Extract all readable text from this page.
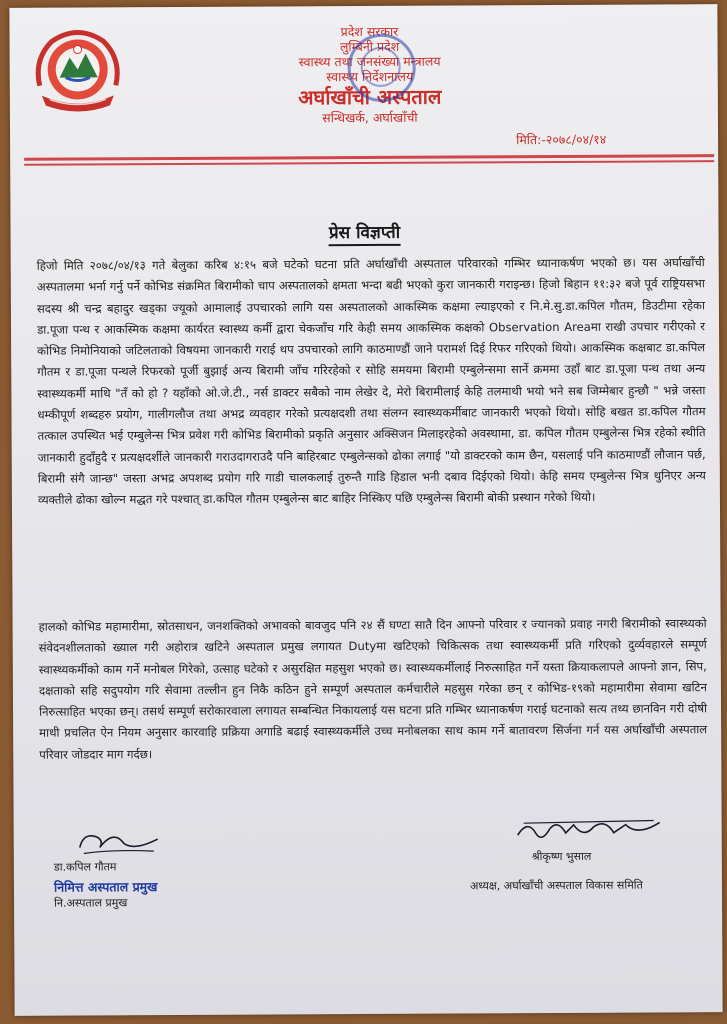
प्रदेश सरकार
लुम्बिनी प्रदेश
स्वास्थ्य तथा जनसंख्या मन्त्रालय
स्वास्थ्य निर्देशनालय
अर्घाखाँची अस्पताल
सन्धिखर्क, अर्घाखाँची
मिति:-२०७८/०४/१४
प्रेस विज्ञप्ती
हिजो मिति २०७८/०४/१३ गते बेलुका करिब ४:१५ बजे घटेको घटना प्रति अर्घाखाँची अस्पताल परिवारको गम्भिर ध्यानाकर्षण भएको छ। यस अर्घाखाँची अस्पतालमा भर्ना गर्नु पर्ने कोभिड संक्रमित बिरामीको चाप अस्पतालको क्षमता भन्दा बढी भएको कुरा जानकारी गराइन्छ। हिजो बिहान ११:३२ बजे पूर्व राष्ट्रियसभा सदस्य श्री चन्द्र बहादुर खड्का ज्यूको आमालाई उपचारको लागि यस अस्पतालको आकस्मिक कक्षमा ल्याइएको र नि.मे.सु.डा.कपिल गौतम, डिउटीमा रहेका डा.पूजा पन्थ र आकस्मिक कक्षमा कार्यरत स्वास्थ्य कर्मी द्वारा चेकजाँच गरि केही समय आकस्मिक कक्षको Observation Areaमा राखी उपचार गरीएको र कोभिड निमोनियाको जटिलताको विषयमा जानकारी गराई थप उपचारको लागि काठमाण्डौं जाने परामर्श दिई रिफर गरिएको थियो। आकस्मिक कक्षबाट डा.कपिल गौतम र डा.पूजा पन्थले रिफरको पूर्जी बुझाई अन्य बिरामी जाँच गरिरहेको र सोहि समयमा बिरामी एम्बुलेन्समा सार्ने क्रममा उहाँ बाट डा.पूजा पन्थ तथा अन्य स्वास्थ्यकर्मी माथि "तँ को हो ? यहाँको ओ.जे.टी., नर्स डाक्टर सबैको नाम लेखेर दे, मेरो बिरामीलाई केहि तलमाथी भयो भने सब जिम्मेबार हुन्छौ " भन्ने जस्ता धम्कीपूर्ण शब्दहरु प्रयोग, गालीगलौज तथा अभद्र व्यवहार गरेको प्रत्यक्षदशी तथा संलग्न स्वास्थ्यकर्मीबाट जानकारी भएको थियो। सोहि बखत डा.कपिल गौतम तत्काल उपस्थित भई एम्बुलेन्स भित्र प्रवेश गरी कोभिड बिरामीको प्रकृति अनुसार अक्सिजन मिलाइरहेको अवस्थामा, डा. कपिल गौतम एम्बुलेन्स भित्र रहेको स्थीति जानकारी हुदाँहुदै र प्रत्यक्षदर्शीले जानकारी गराउदागराउदै पनि बाहिरबाट एम्बुलेन्सको ढोका लगाई "यो डाक्टरको काम छैन, यसलाई पनि काठमाण्डौं लौजान पर्छ, बिरामी संगै जान्छ" जस्ता अभद्र अपशब्द प्रयोग गरि गाडी चालकलाई तुरुन्तै गाडि हिडाल भनी दबाव दिईएको थियो। केहि समय एम्बुलेन्स भित्र थुनिएर अन्य व्यक्तीले ढोका खोल्न मद्धत गरे पश्चात् डा.कपिल गौतम एम्बुलेन्स बाट बाहिर निस्किए पछि एम्बुलेन्स बिरामी बोकी प्रस्थान गरेको थियो।
हालको कोभिड महामारीमा, स्रोतसाधन, जनशक्तिको अभावको बावजुद पनि २४ सैं घण्टा सातै दिन आफ्नो परिवार र ज्यानको प्रवाह नगरी बिरामीको स्वास्थ्यको संवेदनशीलताको ख्याल गरी अहोरात्र खटिने अस्पताल प्रमुख लगायत Dutyमा खटिएको चिकित्सक तथा स्वास्थ्यकर्मी प्रति गरिएको दुर्व्यवहारले सम्पूर्ण स्वास्थ्यकर्मीको काम गर्ने मनोबल गिरेको, उत्साह घटेको र असुरक्षित महसुश भएको छ। स्वास्थ्यकर्मीलाई निरुत्साहित गर्ने यस्ता क्रियाकलापले आफ्नो ज्ञान, सिप, दक्षताको सहि सदुपयोग गरि सेवामा तल्लीन हुन निकै कठिन हुने सम्पूर्ण अस्पताल कर्मचारीले महसुस गरेका छन् र कोभिड-१९को महामारीमा सेवामा खटिन निरुत्साहित भएका छन्। तसर्थ सम्पूर्ण सरोकारवाला लगायत सम्बन्धित निकायलाई यस घटना प्रति गम्भिर ध्यानाकर्षण गराई घटनाको सत्य तथ्य छानविन गरी दोषी माथी प्रचलित ऐन नियम अनुसार कारवाहि प्रक्रिया अगाडि बढाई स्वास्थ्यकर्मीले उच्च मनोबलका साथ काम गर्ने बातावरण सिर्जना गर्न यस अर्घाखाँची अस्पताल परिवार जोडदार माग गर्दछ।
डा.कपिल गौतम
निमित्त अस्पताल प्रमुख
नि.अस्पताल प्रमुख
श्रीकृष्ण भुसाल
अध्यक्ष, अर्घाखाँची अस्पताल विकास समिति
